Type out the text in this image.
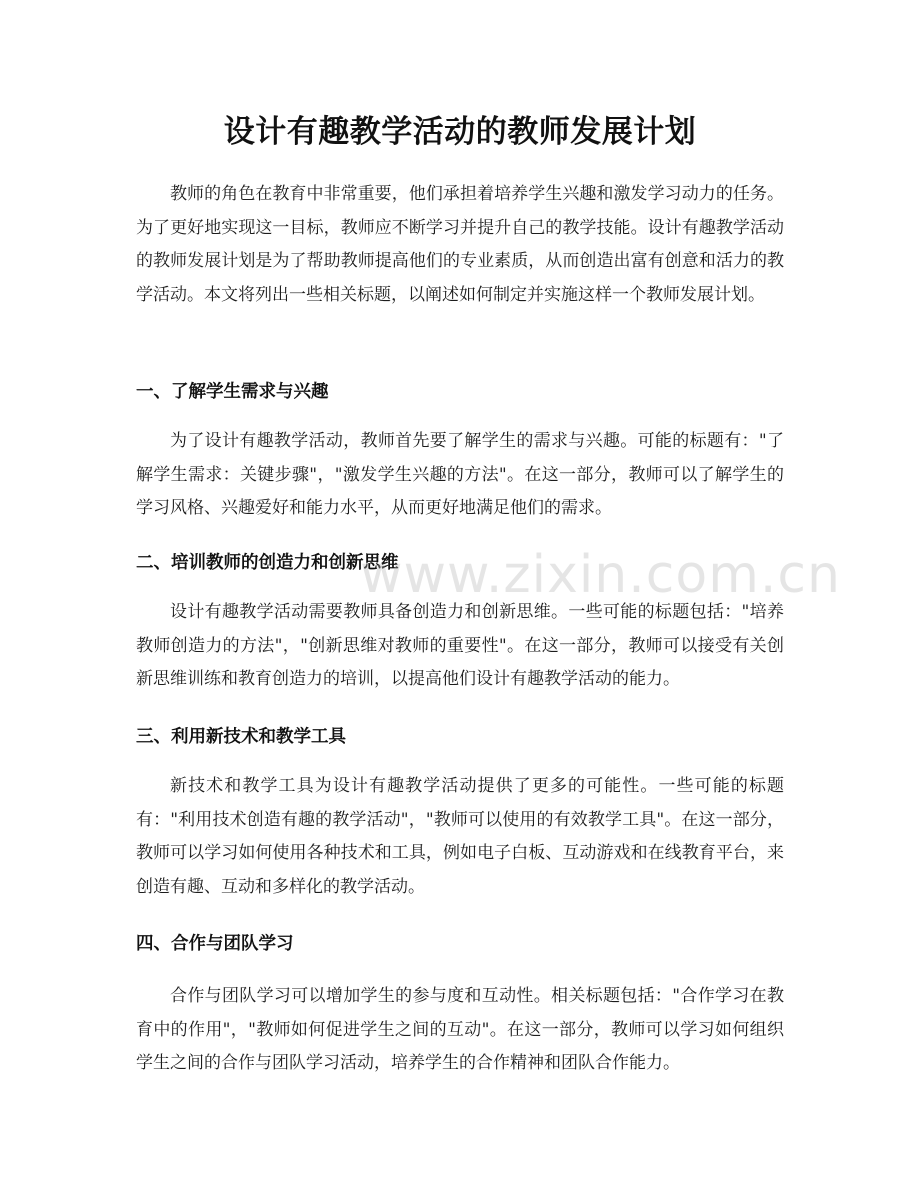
设计有趣教学活动的教师发展计划

教师的角色在教育中非常重要，他们承担着培养学生兴趣和激发学习动力的任务。为了更好地实现这一目标，教师应不断学习并提升自己的教学技能。设计有趣教学活动的教师发展计划是为了帮助教师提高他们的专业素质，从而创造出富有创意和活力的教学活动。本文将列出一些相关标题，以阐述如何制定并实施这样一个教师发展计划。

一、了解学生需求与兴趣

为了设计有趣教学活动，教师首先要了解学生的需求与兴趣。可能的标题有："了解学生需求：关键步骤"，"激发学生兴趣的方法"。在这一部分，教师可以了解学生的学习风格、兴趣爱好和能力水平，从而更好地满足他们的需求。

二、培训教师的创造力和创新思维

设计有趣教学活动需要教师具备创造力和创新思维。一些可能的标题包括："培养教师创造力的方法"，"创新思维对教师的重要性"。在这一部分，教师可以接受有关创新思维训练和教育创造力的培训，以提高他们设计有趣教学活动的能力。

三、利用新技术和教学工具

新技术和教学工具为设计有趣教学活动提供了更多的可能性。一些可能的标题有："利用技术创造有趣的教学活动"，"教师可以使用的有效教学工具"。在这一部分，教师可以学习如何使用各种技术和工具，例如电子白板、互动游戏和在线教育平台，来创造有趣、互动和多样化的教学活动。

四、合作与团队学习

合作与团队学习可以增加学生的参与度和互动性。相关标题包括："合作学习在教育中的作用"，"教师如何促进学生之间的互动"。在这一部分，教师可以学习如何组织学生之间的合作与团队学习活动，培养学生的合作精神和团队合作能力。

www.zixin.com.cn
